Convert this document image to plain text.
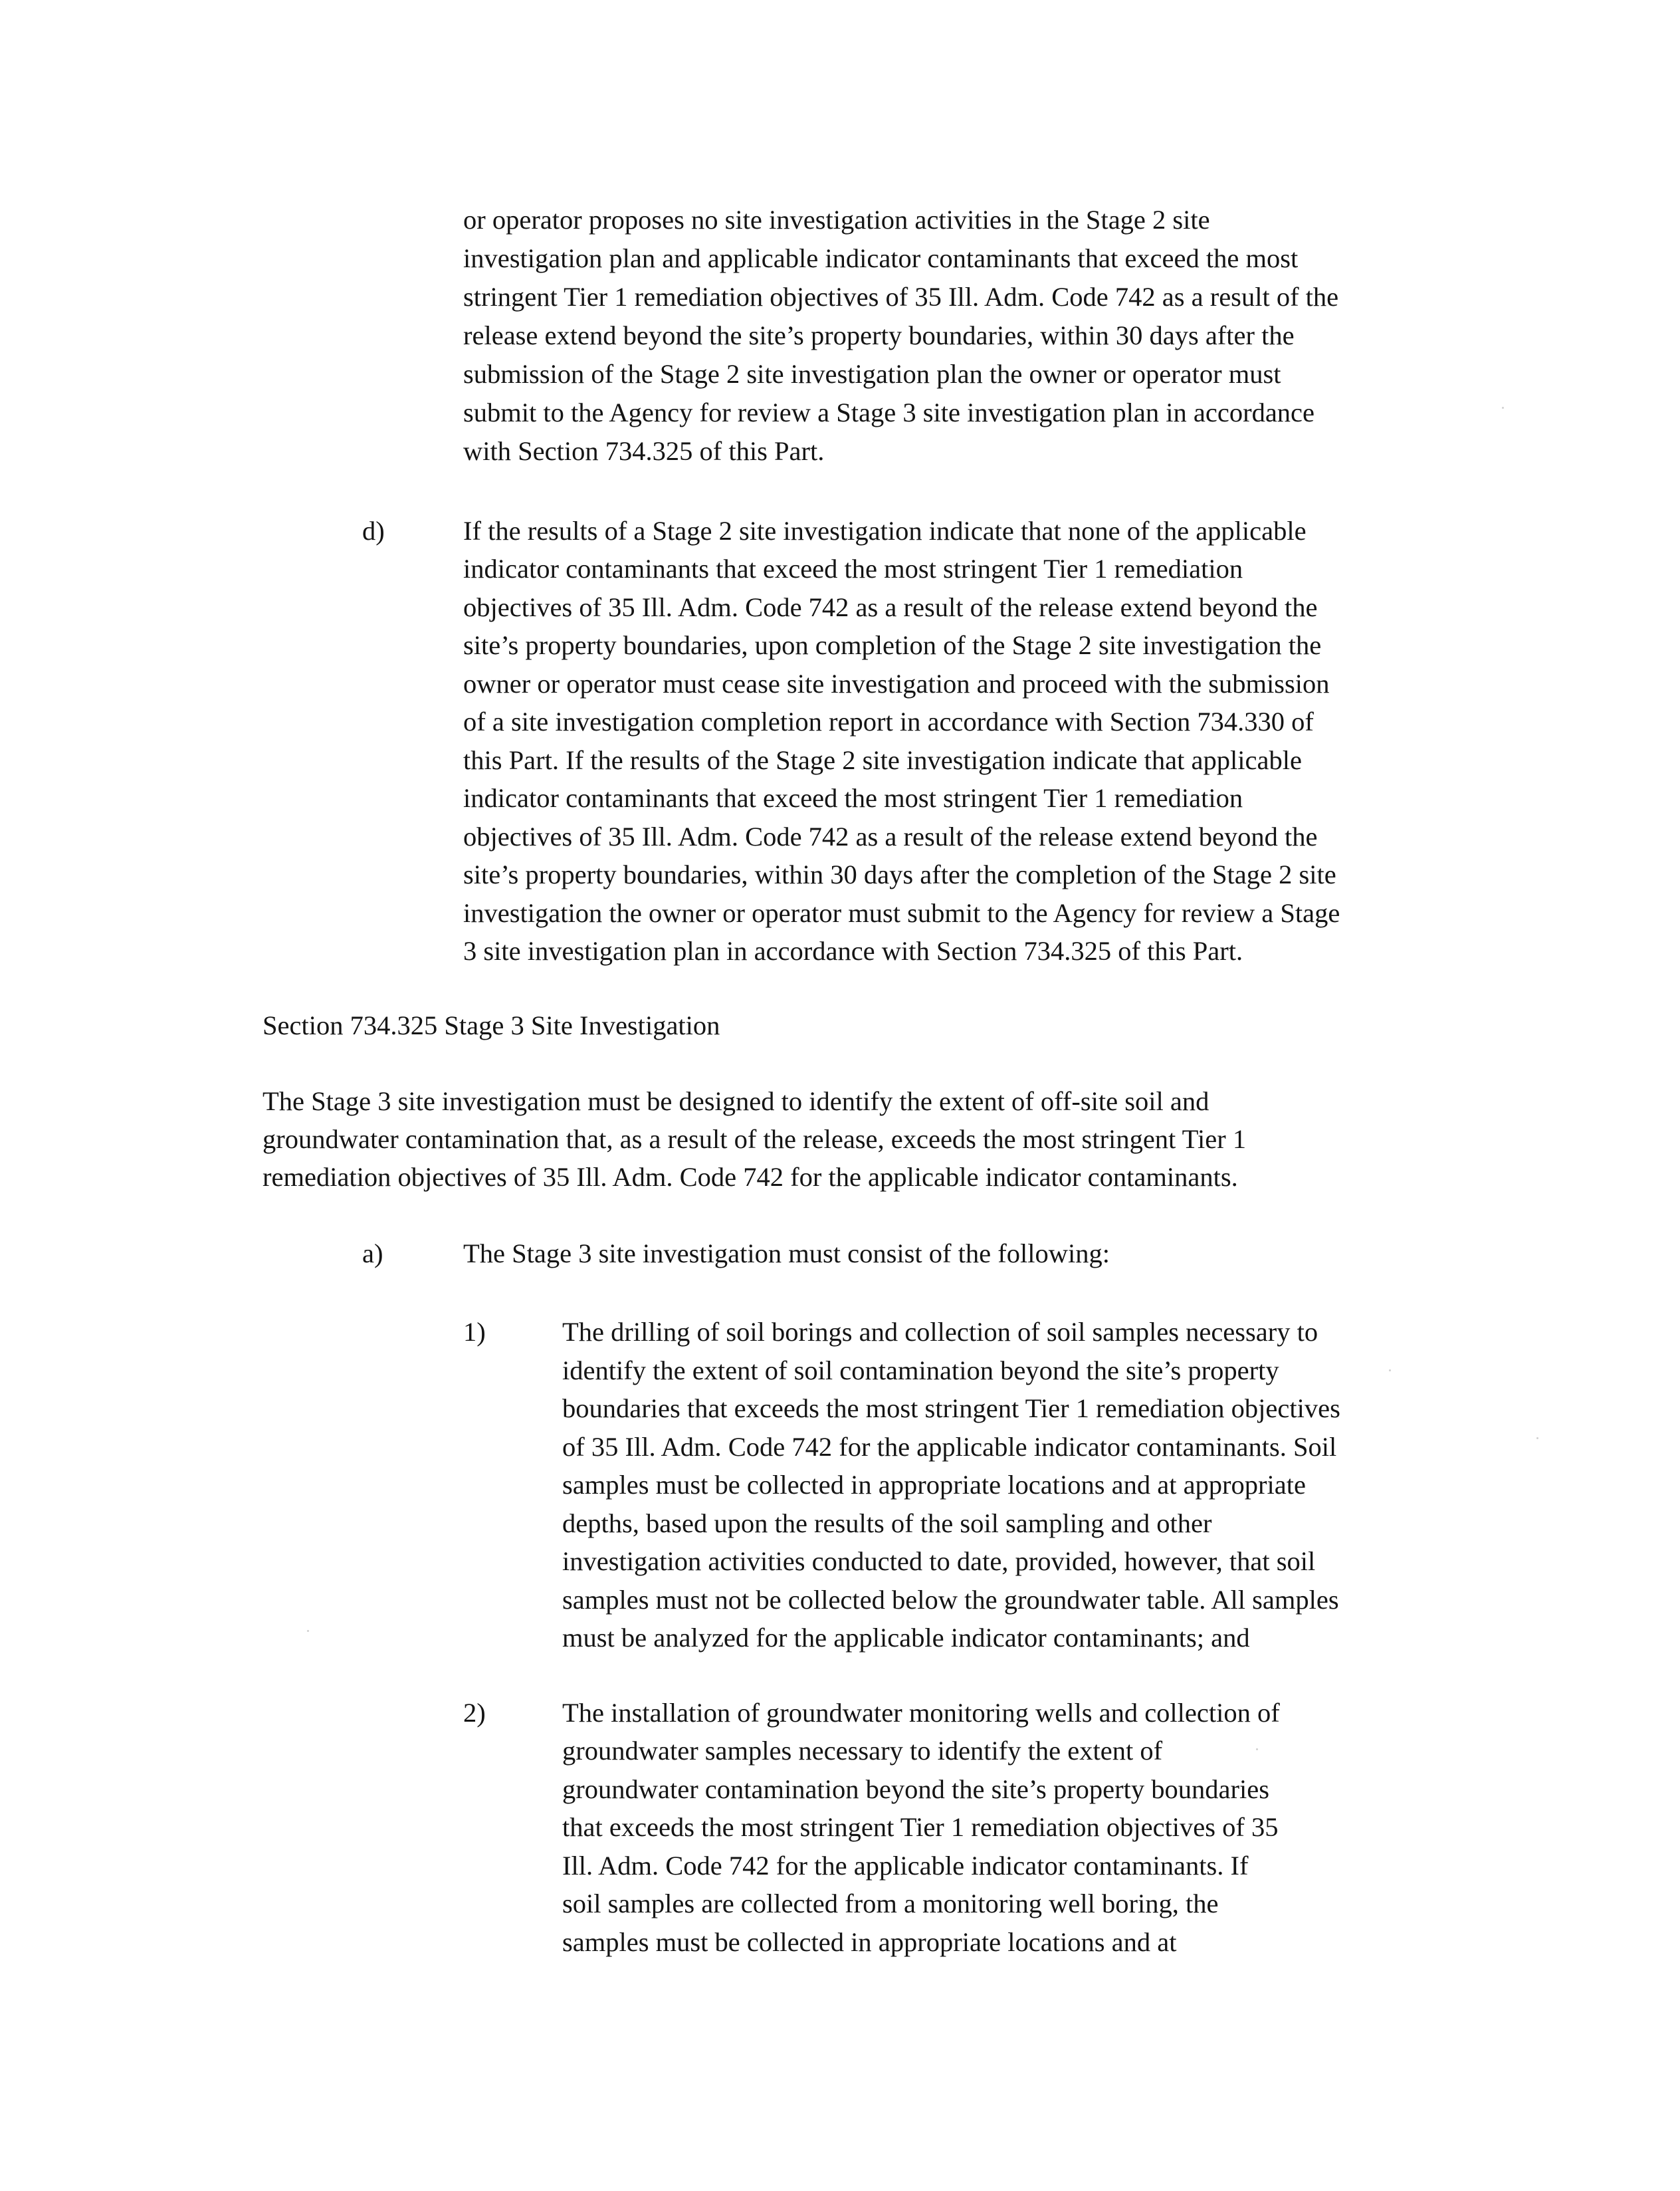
or operator proposes no site investigation activities in the Stage 2 site

investigation plan and applicable indicator contaminants that exceed the most

stringent Tier 1 remediation objectives of 35 Ill. Adm. Code 742 as a result of the

release extend beyond the site’s property boundaries, within 30 days after the

submission of the Stage 2 site investigation plan the owner or operator must

submit to the Agency for review a Stage 3 site investigation plan in accordance

with Section 734.325 of this Part.

d)	If the results of a Stage 2 site investigation indicate that none of the applicable

indicator contaminants that exceed the most stringent Tier 1 remediation

objectives of 35 Ill. Adm. Code 742 as a result of the release extend beyond the

site’s property boundaries, upon completion of the Stage 2 site investigation the

owner or operator must cease site investigation and proceed with the submission

of a site investigation completion report in accordance with Section 734.330 of

this Part. If the results of the Stage 2 site investigation indicate that applicable

indicator contaminants that exceed the most stringent Tier 1 remediation

objectives of 35 Ill. Adm. Code 742 as a result of the release extend beyond the

site’s property boundaries, within 30 days after the completion of the Stage 2 site

investigation the owner or operator must submit to the Agency for review a Stage

3 site investigation plan in accordance with Section 734.325 of this Part.

Section 734.325 Stage 3 Site Investigation

The Stage 3 site investigation must be designed to identify the extent of off-site soil and

groundwater contamination that, as a result of the release, exceeds the most stringent Tier 1

remediation objectives of 35 Ill. Adm. Code 742 for the applicable indicator contaminants.

a)	The Stage 3 site investigation must consist of the following:

1)	The drilling of soil borings and collection of soil samples necessary to

identify the extent of soil contamination beyond the site’s property

boundaries that exceeds the most stringent Tier 1 remediation objectives

of 35 Ill. Adm. Code 742 for the applicable indicator contaminants. Soil

samples must be collected in appropriate locations and at appropriate

depths, based upon the results of the soil sampling and other

investigation activities conducted to date, provided, however, that soil

samples must not be collected below the groundwater table. All samples

must be analyzed for the applicable indicator contaminants; and

2)	The installation of groundwater monitoring wells and collection of

groundwater samples necessary to identify the extent of

groundwater contamination beyond the site’s property boundaries

that exceeds the most stringent Tier 1 remediation objectives of 35

Ill. Adm. Code 742 for the applicable indicator contaminants. If

soil samples are collected from a monitoring well boring, the

samples must be collected in appropriate locations and at
